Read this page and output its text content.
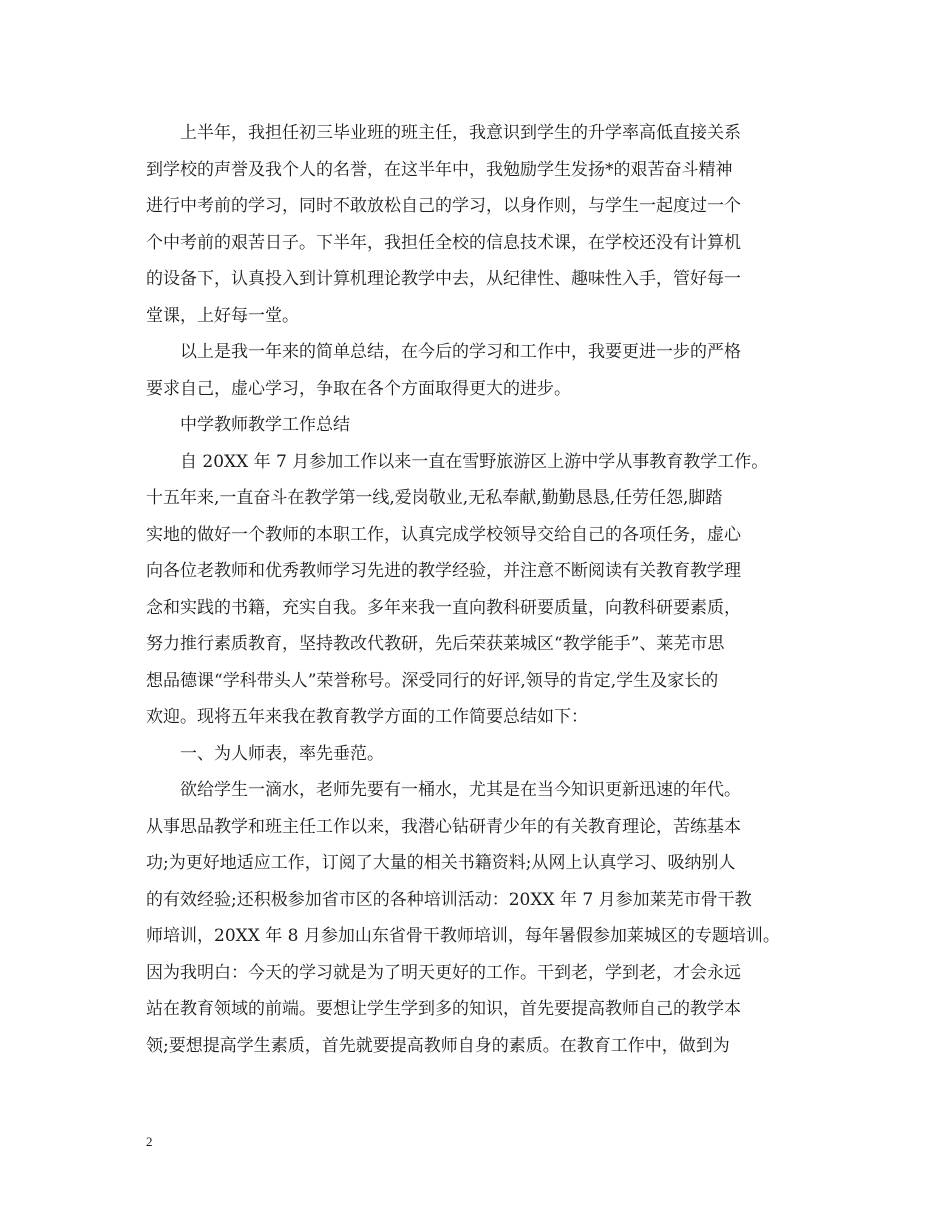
上半年，我担任初三毕业班的班主任，我意识到学生的升学率高低直接关系
到学校的声誉及我个人的名誉，在这半年中，我勉励学生发扬*的艰苦奋斗精神
进行中考前的学习，同时不敢放松自己的学习，以身作则，与学生一起度过一个
个中考前的艰苦日子。下半年，我担任全校的信息技术课，在学校还没有计算机
的设备下，认真投入到计算机理论教学中去，从纪律性、趣味性入手，管好每一
堂课，上好每一堂。
以上是我一年来的简单总结，在今后的学习和工作中，我要更进一步的严格
要求自己，虚心学习，争取在各个方面取得更大的进步。
中学教师教学工作总结
自 20XX 年 7 月参加工作以来一直在雪野旅游区上游中学从事教育教学工作。
十五年来,一直奋斗在教学第一线,爱岗敬业,无私奉献,勤勤恳恳,任劳任怨,脚踏
实地的做好一个教师的本职工作，认真完成学校领导交给自己的各项任务，虚心
向各位老教师和优秀教师学习先进的教学经验，并注意不断阅读有关教育教学理
念和实践的书籍，充实自我。多年来我一直向教科研要质量，向教科研要素质，
努力推行素质教育，坚持教改代教研，先后荣获莱城区“教学能手”、莱芜市思
想品德课“学科带头人”荣誉称号。深受同行的好评,领导的肯定,学生及家长的
欢迎。现将五年来我在教育教学方面的工作简要总结如下：
一、为人师表，率先垂范。
欲给学生一滴水，老师先要有一桶水，尤其是在当今知识更新迅速的年代。
从事思品教学和班主任工作以来，我潜心钻研青少年的有关教育理论，苦练基本
功;为更好地适应工作，订阅了大量的相关书籍资料;从网上认真学习、吸纳别人
的有效经验;还积极参加省市区的各种培训活动：20XX 年 7 月参加莱芜市骨干教
师培训，20XX 年 8 月参加山东省骨干教师培训，每年暑假参加莱城区的专题培训。
因为我明白：今天的学习就是为了明天更好的工作。干到老，学到老，才会永远
站在教育领域的前端。要想让学生学到多的知识，首先要提高教师自己的教学本
领;要想提高学生素质，首先就要提高教师自身的素质。在教育工作中，做到为
2
